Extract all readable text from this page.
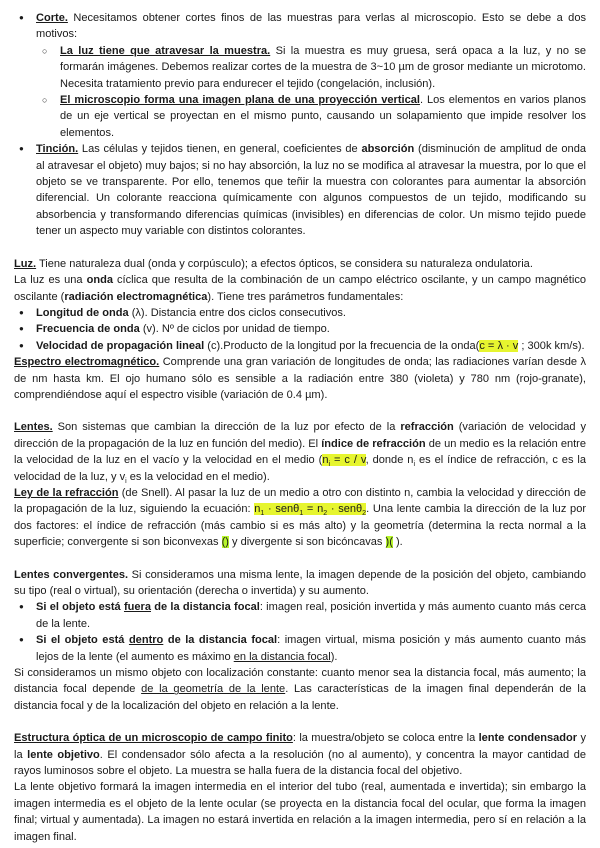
● Corte. Necesitamos obtener cortes finos de las muestras para verlas al microscopio. Esto se debe a dos motivos:
○ La luz tiene que atravesar la muestra. Si la muestra es muy gruesa, será opaca a la luz, y no se formarán imágenes. Debemos realizar cortes de la muestra de 3~10 µm de grosor mediante un microtomo. Necesita tratamiento previo para endurecer el tejido (congelación, inclusión).
○ El microscopio forma una imagen plana de una proyección vertical. Los elementos en varios planos de un eje vertical se proyectan en el mismo punto, causando un solapamiento que impide resolver los elementos.
● Tinción. Las células y tejidos tienen, en general, coeficientes de absorción (disminución de amplitud de onda al atravesar el objeto) muy bajos; si no hay absorción, la luz no se modifica al atravesar la muestra, por lo que el objeto se ve transparente. Por ello, tenemos que teñir la muestra con colorantes para aumentar la absorción diferencial. Un colorante reacciona químicamente con algunos compuestos de un tejido, modificando su absorbencia y transformando diferencias químicas (invisibles) en diferencias de color. Un mismo tejido puede tener un aspecto muy variable con distintos colorantes.

Luz. Tiene naturaleza dual (onda y corpúsculo); a efectos ópticos, se considera su naturaleza ondulatoria.

La luz es una onda cíclica que resulta de la combinación de un campo eléctrico oscilante, y un campo magnético oscilante (radiación electromagnética). Tiene tres parámetros fundamentales:

● Longitud de onda (λ). Distancia entre dos ciclos consecutivos.
● Frecuencia de onda (v). Nº de ciclos por unidad de tiempo.
● Velocidad de propagación lineal (c).Producto de la longitud por la frecuencia de la onda(c = λ · v ; 300k km/s).

Espectro electromagnético. Comprende una gran variación de longitudes de onda; las radiaciones varían desde λ de nm hasta km. El ojo humano sólo es sensible a la radiación entre 380 (violeta) y 780 nm (rojo-granate), comprendiéndose aquí el espectro visible (variación de 0.4 µm).

Lentes. Son sistemas que cambian la dirección de la luz por efecto de la refracción (variación de velocidad y dirección de la propagación de la luz en función del medio). El índice de refracción de un medio es la relación entre la velocidad de la luz en el vacío y la velocidad en el medio ($n_i = c / v$, donde $n_i$ es el índice de refracción, c es la velocidad de la luz, y $v_i$ es la velocidad en el medio).

Ley de la refracción (de Snell). Al pasar la luz de un medio a otro con distinto n, cambia la velocidad y dirección de la propagación de la luz, siguiendo la ecuación: $n_1 \cdot sen\theta_1 = n_2 \cdot sen\theta_2$. Una lente cambia la dirección de la luz por dos factores: el índice de refracción (más cambio si es más alto) y la geometría (determina la recta normal a la superficie; convergente si son biconvexas () y divergente si son bicóncavas )( ).

Lentes convergentes. Si consideramos una misma lente, la imagen depende de la posición del objeto, cambiando su tipo (real o virtual), su orientación (derecha o invertida) y su aumento.

● Si el objeto está fuera de la distancia focal: imagen real, posición invertida y más aumento cuanto más cerca de la lente.
● Si el objeto está dentro de la distancia focal: imagen virtual, misma posición y más aumento cuanto más lejos de la lente (el aumento es máximo en la distancia focal).

Si consideramos un mismo objeto con localización constante: cuanto menor sea la distancia focal, más aumento; la distancia focal depende de la geometría de la lente. Las características de la imagen final dependerán de la distancia focal y de la localización del objeto en relación a la lente.

Estructura óptica de un microscopio de campo finito: la muestra/objeto se coloca entre la lente condensador y la lente objetivo. El condensador sólo afecta a la resolución (no al aumento), y concentra la mayor cantidad de rayos luminosos sobre el objeto. La muestra se halla fuera de la distancia focal del objetivo.

La lente objetivo formará la imagen intermedia en el interior del tubo (real, aumentada e invertida); sin embargo la imagen intermedia es el objeto de la lente ocular (se proyecta en la distancia focal del ocular, que forma la imagen final; virtual y aumentada). La imagen no estará invertida en relación a la imagen intermedia, pero sí en relación a la imagen final.
